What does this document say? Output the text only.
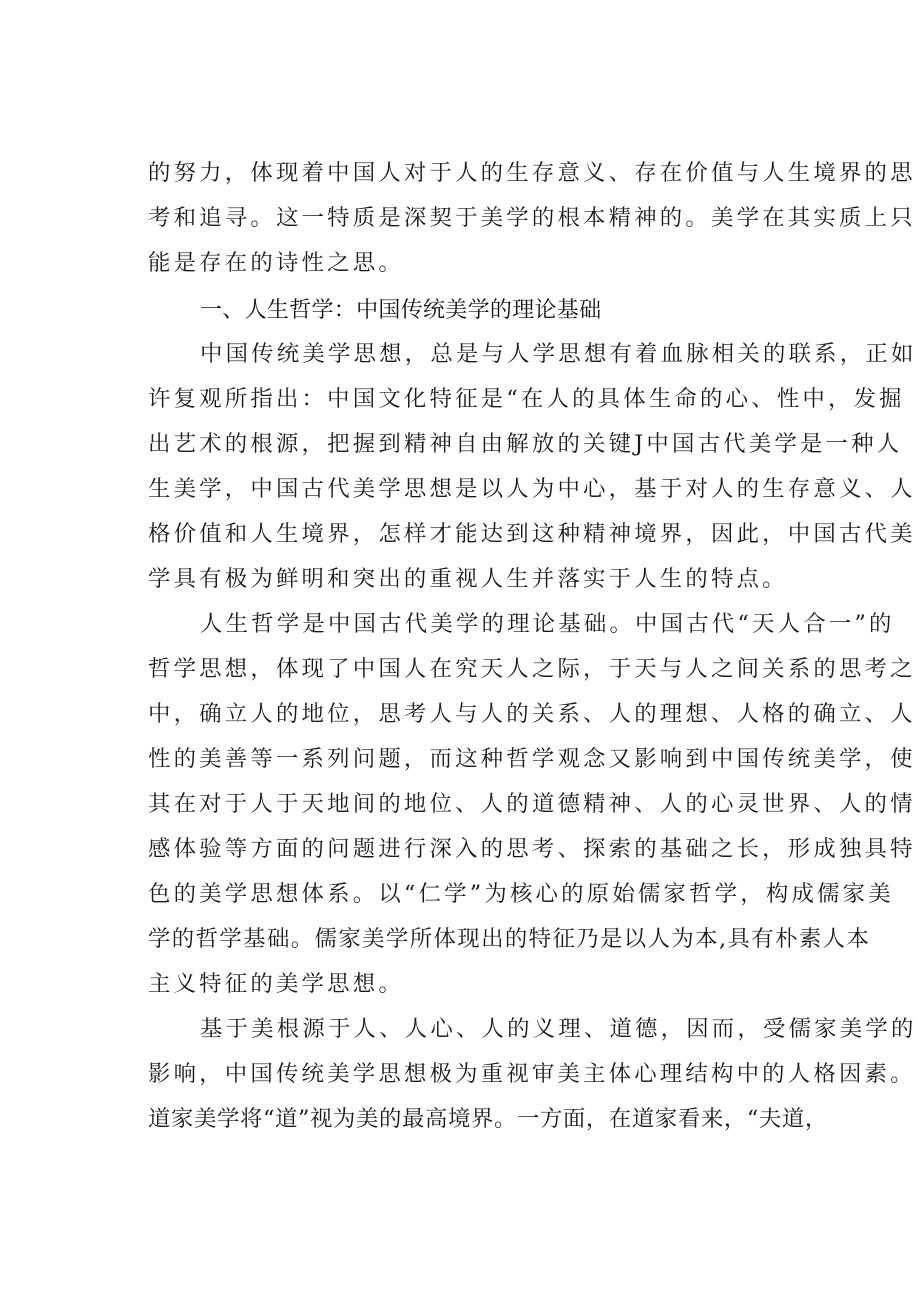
的努力，体现着中国人对于人的生存意义、存在价值与人生境界的思
考和追寻。这一特质是深契于美学的根本精神的。美学在其实质上只
能是存在的诗性之思。
一、人生哲学：中国传统美学的理论基础
中国传统美学思想，总是与人学思想有着血脉相关的联系，正如
许复观所指出：中国文化特征是“在人的具体生命的心、性中，发掘
出艺术的根源，把握到精神自由解放的关键J中国古代美学是一种人
生美学，中国古代美学思想是以人为中心，基于对人的生存意义、人
格价值和人生境界，怎样才能达到这种精神境界，因此，中国古代美
学具有极为鲜明和突出的重视人生并落实于人生的特点。
人生哲学是中国古代美学的理论基础。中国古代“天人合一”的
哲学思想，体现了中国人在究天人之际，于天与人之间关系的思考之
中，确立人的地位，思考人与人的关系、人的理想、人格的确立、人
性的美善等一系列问题，而这种哲学观念又影响到中国传统美学，使
其在对于人于天地间的地位、人的道德精神、人的心灵世界、人的情
感体验等方面的问题进行深入的思考、探索的基础之长，形成独具特
色的美学思想体系。以“仁学”为核心的原始儒家哲学，构成儒家美
学的哲学基础。儒家美学所体现出的特征乃是以人为本,具有朴素人本
主义特征的美学思想。
基于美根源于人、人心、人的义理、道德，因而，受儒家美学的
影响，中国传统美学思想极为重视审美主体心理结构中的人格因素。
道家美学将“道”视为美的最高境界。一方面，在道家看来，“夫道，
